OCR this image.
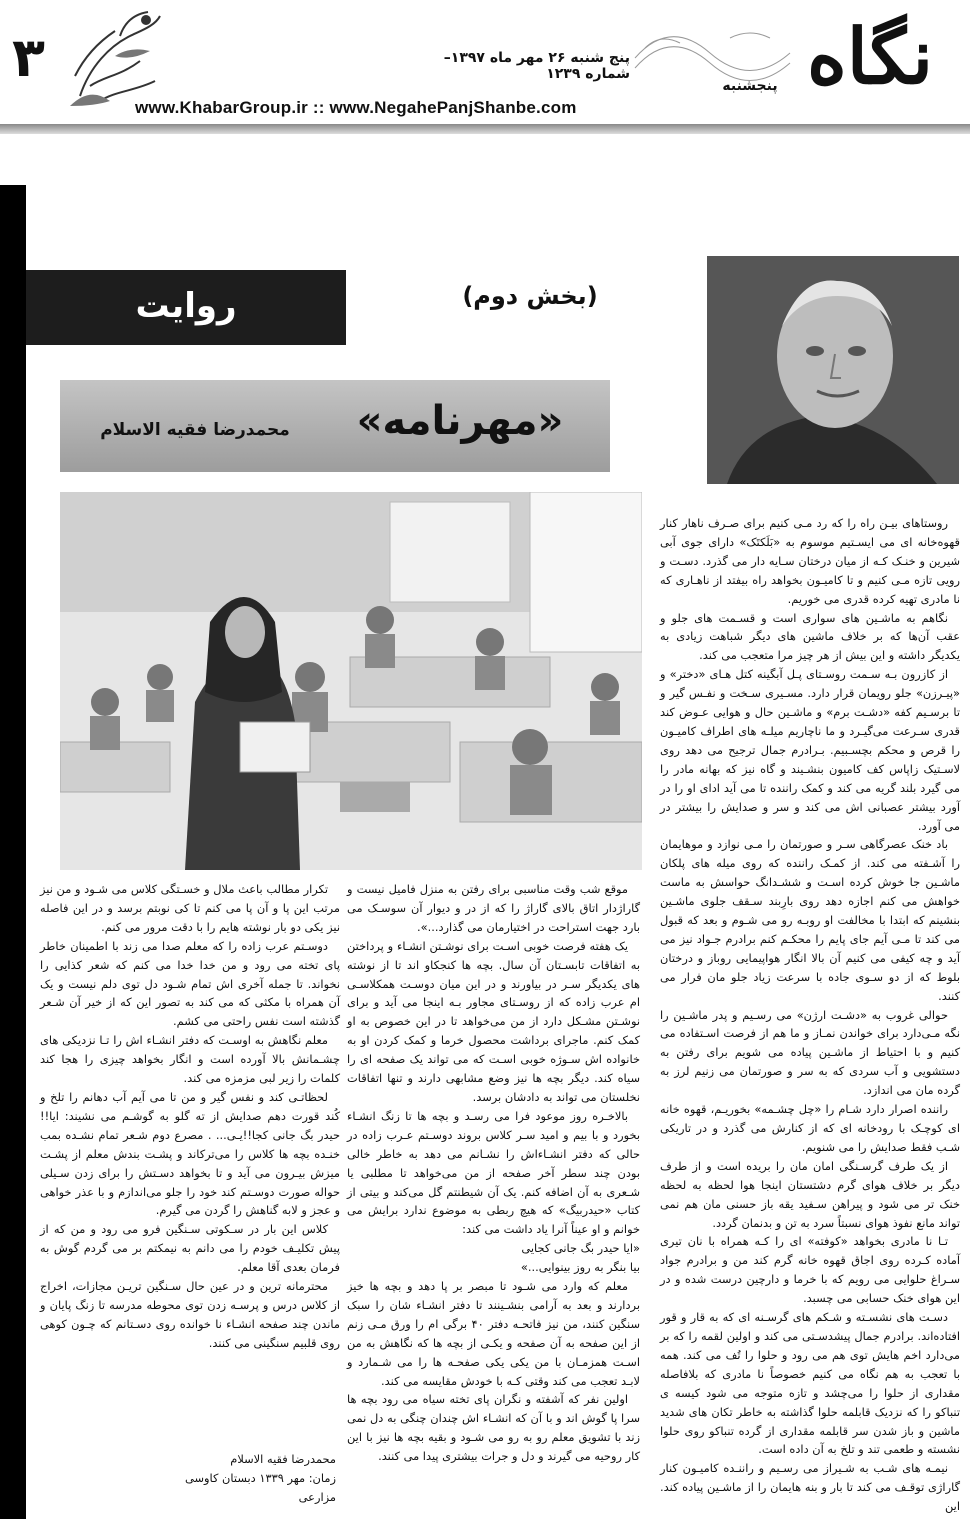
۳	نگاه
پنجشنبه
پنج شنبه ۲۶ مهر ماه ۱۳۹۷– شماره ۱۲۳۹
www.KhabarGroup.ir :: www.NegahePanjShanbe.com
روایت	(بخش دوم)
«مهرنامه»
محمدرضا فقیه الاسلام

روستاهای بیـن راه را که رد مـی کنیم برای صـرف ناهار کنار قهوه‌خانه ای می ایسـتیم موسوم به «بَلَکتَک» دارای جوی آبی شیرین و خنـک کـه از میان درختان سـایه دار می گذرد. دسـت و رویی تازه مـی کنیم و تا کامیـون بخواهد راه بیفتد از ناهـاری که نا مادری تهیه کرده قدری می خوریم.

نگاهم به ماشـین های سواری است و قسـمت های جلو و عقب آن‌ها که بر خلاف ماشین های دیگر شباهت زیادی به یکدیگر داشته و این بیش از هر چیز مرا متعجب می کند.

از کازرون بـه سـمت روسـتای پـل آبگینه کتل هـای «دختر» و «پیـرزن» جلو رویمان قرار دارد. مسـیری سـخت و نفـس گیر و تا برسـیم کفه «دشـت برم» و ماشـین حال و هوایی عـوض کند قدری سـرعت می‌گیـرد و ما ناچاریم میلـه های اطراف کامیـون را قرص و محکم بچسـبیم. بـرادرم جمال ترجیح می دهد روی لاسـتیک زاپاس کف کامیون بنشـیند و گاه نیز که بهانه مادر را می گیرد بلند گریه می کند و کمک راننده تا می آید ادای او را در آورد بیشتر عصبانی اش می کند و سر و صدایش را بیشتر در می آورد.

باد خنک عصرگاهی سـر و صورتمان را مـی نوازد و موهایمان را آشـفته می کند. از کمـک راننده که روی میله های پلکان ماشـین جا خوش کرده اسـت و ششـدانگ حواسش به ماست خواهش می کنم اجازه دهد روی بارِبند سـقف جلوی ماشـین بنشینم که ابتدا با مخالفت او روبـه رو می شـوم و بعد که قبول می کند تا مـی آیم جای پایم را محکـم کنم برادرم جـواد نیز می آید و چه کیفی می کنیم آن بالا انگار هواپیمایی روباز و درختان بلوط که از دو سـوی جاده با سرعت زیاد جلو مان فرار می کنند.

حوالی غروب به «دشـت ارژن» می رسـیم و پدر ماشـین را نگه مـی‌دارد برای خواندن نمـاز و ما هم از فرصت اسـتفاده می کنیم و با احتیاط از ماشـین پیاده می شویم برای رفتن به دستشویی و آب سردی که به سر و صورتمان می زنیم لرز به گرده مان می اندازد.

راننده اصرار دارد شـام را «چل چشـمه» بخوریـم، قهوه خانه ای کوچـک با رودخانه ای که از کنارش می گذرد و در تاریکی شـب فقط صدایش را می شنویم.

از یک طرف گرسـنگی امان مان را بریده است و از طرف دیگر بر خلاف هوای گرم دشتستان اینجا هوا لحظه به لحظه خنک تر می شود و پیراهن سـفید یقه باز حسنی مان هم نمی تواند مانع نفوذ هوای نسبتاً سرد به تن و بدنمان گردد.

تـا نا مادری بخواهد «کوفته» ای را کـه همراه با نان تیری آماده کـرده روی اجاق قهوه خانه گرم کند من و برادرم جواد سـراغ حلوایی می رویم که با خرما و دارچین درست شده و در این هوای خنک حسابی می چسبد.

دسـت های نشسـته و شـکم های گرسـنه ای که به قار و قور افتاده‌اند. برادرم جمال پیشدسـتی می کند و اولین لقمه را که بر می‌دارد اخم هایش توی هم می رود و حلوا را تُف می کند. همه با تعجب به هم نگاه می کنیم خصوصاً نا مادری که بلافاصله مقداری از حلوا را می‌چشد و تازه متوجه می شود کیسه ی تنباکو را که نزدیک قابلمه حلوا گذاشته به خاطر تکان های شدید ماشین و باز شدن سر قابلمه مقداری از گرده تنباکو روی حلوا نشسته و طعمی تند و تلخ به آن داده است.

نیمـه های شـب به شـیراز می رسـیم و راننـده کامیـون کنار گاراژی توقـف می کند تا بار و بنه هایمان را از ماشـین پیاده کند. این

موقع شب وقت مناسبی برای رفتن به منزل فامیل نیست و گاراژدار اتاق بالای گاراژ را که از در و دیوار آن سوسـک می بارد جهت استراحت در اختیارمان می گذارد...».

یک هفته فرصت خوبی اسـت برای نوشـتن انشـاء و پرداختن به اتفاقات تابسـتان آن سال. بچه ها کنجکاو اند تا از نوشته های یکدیگر سـر در بیاورند و در این میان دوسـت همکلاسـی ام عرب زاده که از روسـتای مجاور بـه اینجا می آید و برای نوشـتن مشـکل دارد از من می‌خواهد تا در این خصوص به او کمک کنم. ماجرای برداشت محصول خرما و کمک کردن او به خانواده اش سـوژه خوبی اسـت که می تواند یک صفحه ای را سیاه کند. دیگر بچه ها نیز وضع مشابهی دارند و تنها اتفاقات نخلستان می تواند به دادشان برسد.

بالاخـره روز موعود فرا می رسـد و بچه ها تا زنگ انشـاء بخورد و با بیم و امید سـر کلاس بروند دوسـتم عـرب زاده در حالی که دفتر انشـاءاش را نشـانم می دهد به خاطر خالی بودن چند سطر آخر صفحه از من می‌خواهد تا مطلبی یا شـعری به آن اضافه کنم. یک آن شیطنتم گل می‌کند و بیتی از کتاب «حیدربیگ» که هیچ ربطی به موضوع ندارد برایش می خوانم و او عیناً آنرا یاد داشت می کند:

«ایا حیدر بگ جانی کجایی

بیا بنگر به روز بینوایی...»

معلم که وارد می شـود تا مبصر بر پا دهد و بچه ها خیز بردارند و بعد به آرامی بنشـینند تا دفتر انشـاء شان را سبک سنگین کنند، من نیز فاتحـه دفتر ۴۰ برگی ام را ورق مـی زنم از این صفحه به آن صفحه و یکـی از بچه ها که نگاهش به من اسـت همزمـان با من یکی یکی صفحـه ها را می شـمارد و لابـد تعجب می کند وقتی کـه با خودش مقایسه می کند.

اولین نفر که آشفته و نگران پای تخته سیاه می رود بچه ها سرا پا گوش اند و با آن که انشـاء اش چندان چنگی به دل نمی زند با تشویق معلم رو به رو می شـود و بقیه بچه ها نیز با این کار روحیه می گیرند و دل و جرات بیشتری پیدا می کنند.

تکرار مطالب باعث ملال و خسـتگی کلاس می شـود و من نیز مرتب این پا و آن پا می کنم تا کی نوبتم برسد و در این فاصله نیز یکی دو بار نوشته هایم را با دقت مرور می کنم.

دوسـتم عرب زاده را که معلم صدا می زند با اطمینان خاطر پای تخته می رود و من خدا خدا می کنم که شعر کذایی را نخواند. تا جمله آخری اش تمام شـود دل توی دلم نیست و یک آن همراه با مکثی که می کند به تصور این که از خیر آن شـعر گذشته است نفس راحتی می کشم.

معلم نگاهش به اوسـت که دفتر انشـاء اش را تـا نزدیکی های چشـمانش بالا آورده است و انگار بخواهد چیزی را هجا کند کلمات را زیر لبی مزمزه می کند.

لحظاتـی کند و نفس گیر و من تا می آیم آب دهانم را تلخ و کُند قورت دهم صدایش از ته گلو به گوشـم می نشیند: ایا!! حیدر بگ جانی کجا!!یـی... . مصرع دوم شـعر تمام نشـده بمب خنـده بچه ها کلاس را می‌ترکاند و پشـت بندش معلم از پشـت میزش بیـرون می آید و تا بخواهد دسـتش را برای زدن سـیلی حواله صورت دوسـتم کند خود را جلو می‌اندازم و با عذر خواهی و عجز و لابه گناهش را گردن می گیرم.

کلاس این بار در سـکوتی سـنگین فرو می رود و من که از پیش تکلیـف خودم را می دانم به نیمکتم بر می گردم گوش به فرمان بعدی آقا معلم.

محترمانه ترین و در عین حال سـنگین تریـن مجازات، اخراج از کلاس درس و پرسـه زدن توی محوطه مدرسه تا زنگ پایان و ماندن چند صفحه انشـاء نا خوانده روی دسـتانم که چـون کوهی روی قلبیم سنگینی می کنند.

محمدرضا فقیه الاسلام
زمان: مهر ۱۳۳۹ دبستان کاوسی مزارعی
